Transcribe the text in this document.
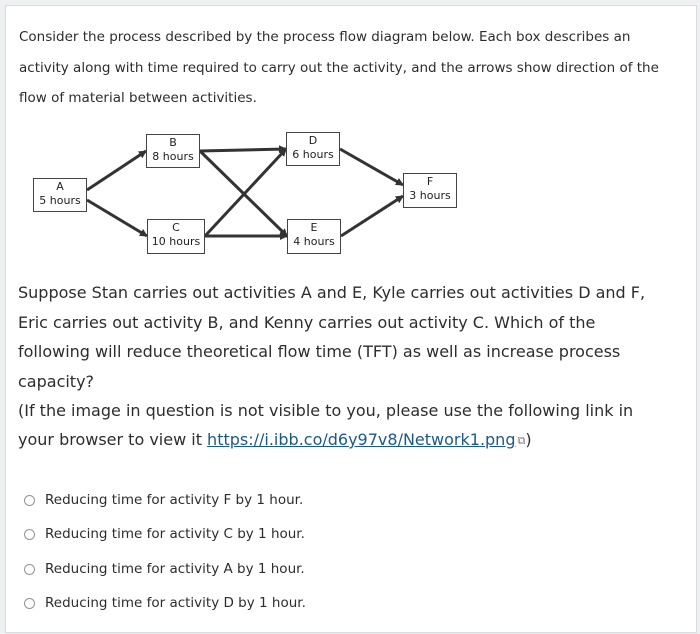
Consider the process described by the process flow diagram below. Each box describes an activity along with time required to carry out the activity, and the arrows show direction of the flow of material between activities.
A
5 hours
B
8 hours
C
10 hours
D
6 hours
E
4 hours
F
3 hours
Suppose Stan carries out activities A and E, Kyle carries out activities D and F, Eric carries out activity B, and Kenny carries out activity C. Which of the following will reduce theoretical flow time (TFT) as well as increase process capacity?
(If the image in question is not visible to you, please use the following link in your browser to view it https://i.ibb.co/d6y97v8/Network1.png ⧉)
Reducing time for activity F by 1 hour.
Reducing time for activity C by 1 hour.
Reducing time for activity A by 1 hour.
Reducing time for activity D by 1 hour.
